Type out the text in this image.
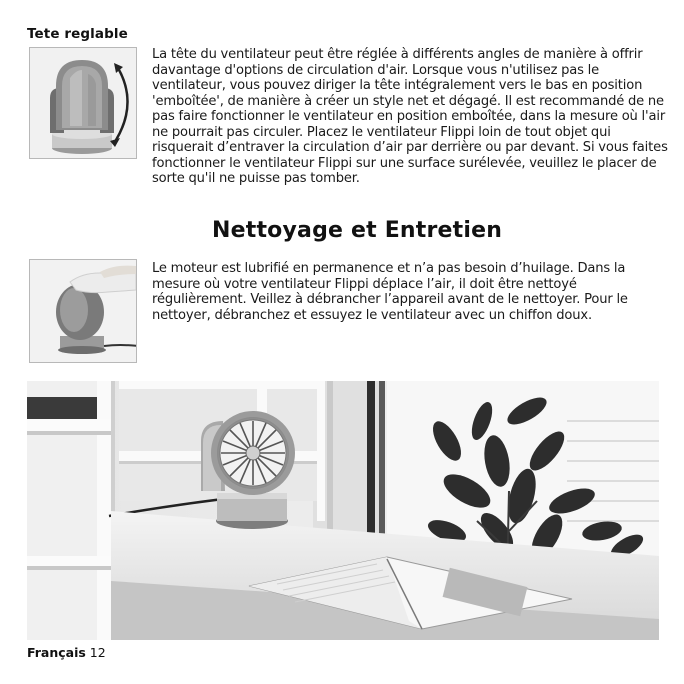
Tete reglable
La tête du ventilateur peut être réglée à différents angles de manière à offrir davantage d'options de circulation d'air. Lorsque vous n'utilisez pas le ventilateur, vous pouvez diriger la tête intégralement vers le bas en position 'emboîtée', de manière à créer un style net et dégagé. Il est recommandé de ne pas faire fonctionner le ventilateur en position emboîtée, dans la mesure où l'air ne pourrait pas circuler. Placez le ventilateur Flippi loin de tout objet qui risquerait d’entraver la circulation d’air par derrière ou par devant. Si vous faites fonctionner le ventilateur Flippi sur une surface surélevée, veuillez le placer de sorte qu'il ne puisse pas tomber.
Nettoyage et Entretien
Le moteur est lubrifié en permanence et n’a pas besoin d’huilage. Dans la mesure où votre ventilateur Flippi déplace l’air, il doit être nettoyé régulièrement. Veillez à débrancher l’appareil avant de le nettoyer. Pour le nettoyer, débranchez et essuyez le ventilateur avec un chiffon doux.
Français 12
